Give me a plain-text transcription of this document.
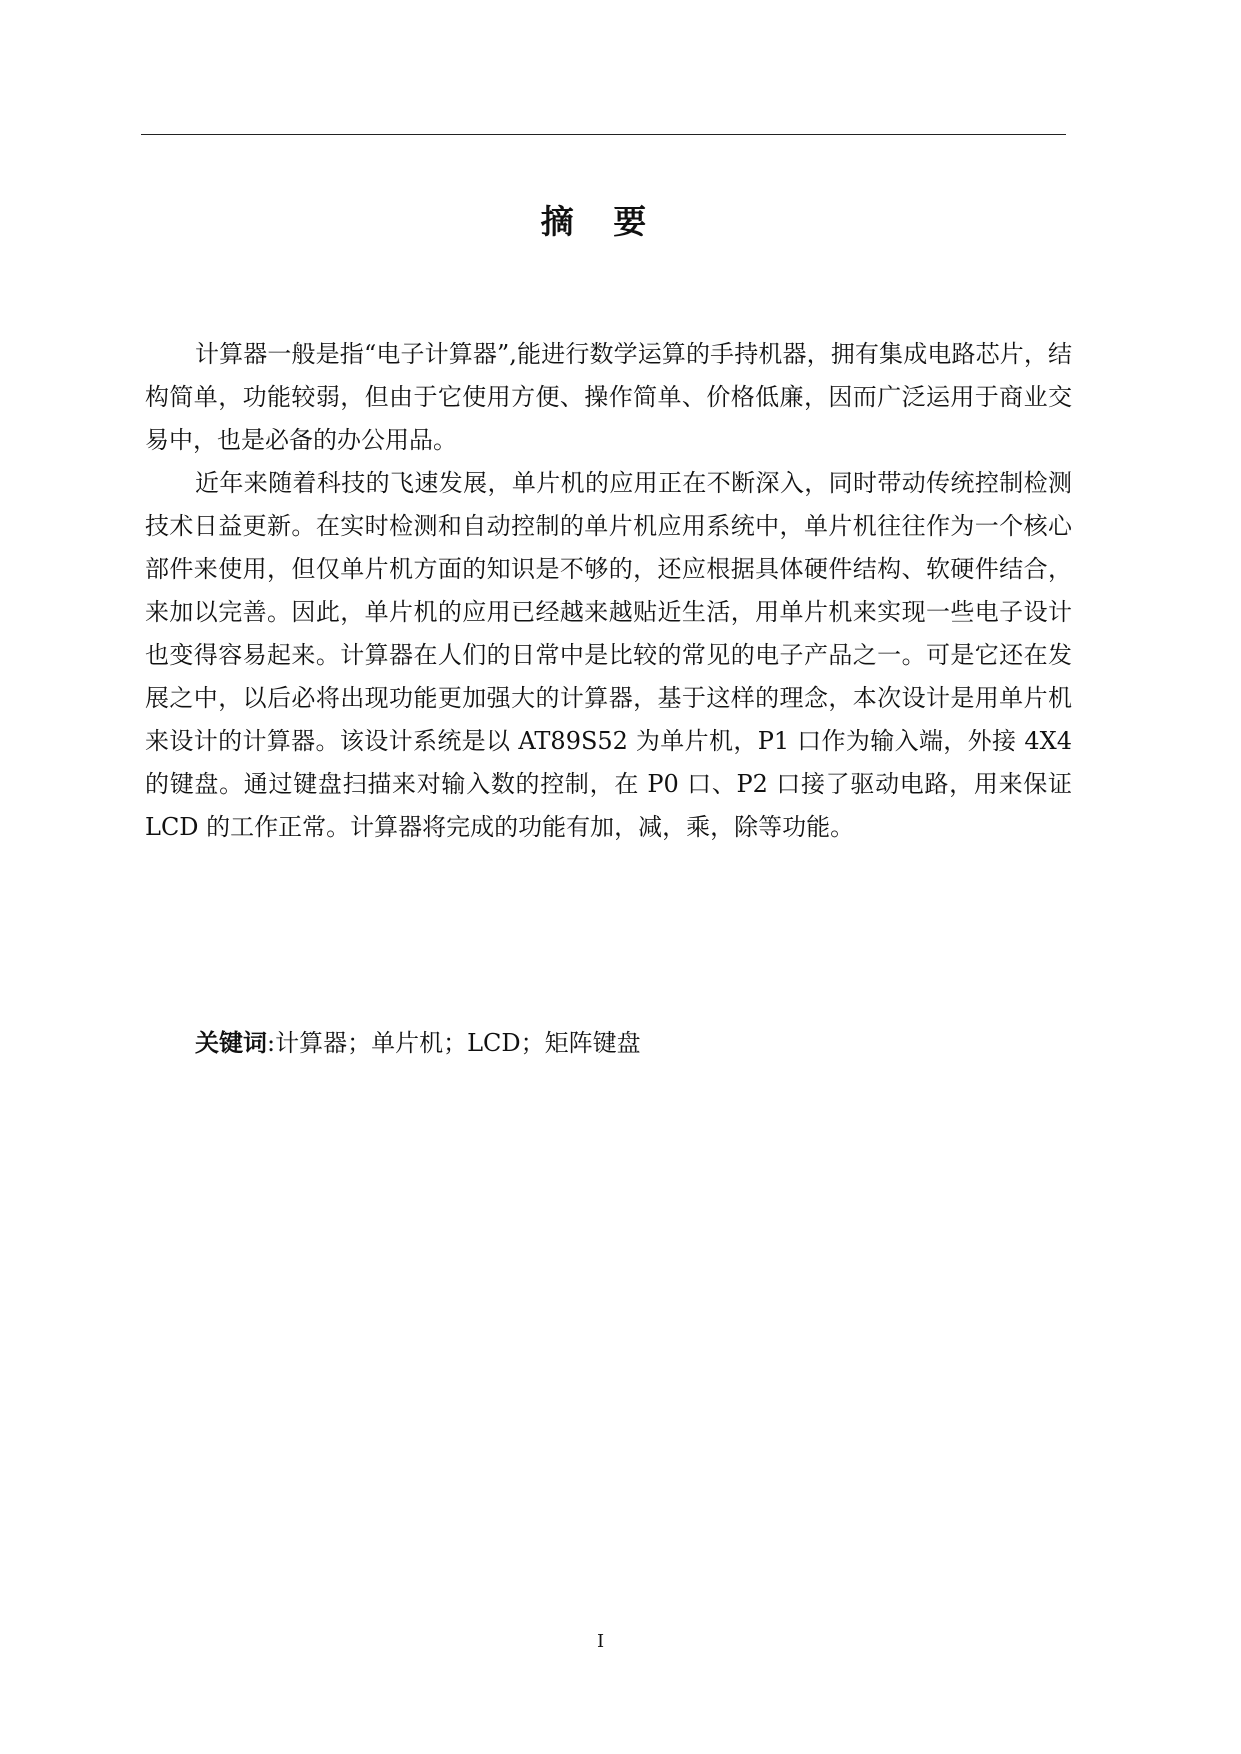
摘 要

计算器一般是指“电子计算器”,能进行数学运算的手持机器，拥有集成电路芯片，结构简单，功能较弱，但由于它使用方便、操作简单、价格低廉，因而广泛运用于商业交易中，也是必备的办公用品。

近年来随着科技的飞速发展，单片机的应用正在不断深入，同时带动传统控制检测技术日益更新。在实时检测和自动控制的单片机应用系统中，单片机往往作为一个核心部件来使用，但仅单片机方面的知识是不够的，还应根据具体硬件结构、软硬件结合，来加以完善。因此，单片机的应用已经越来越贴近生活，用单片机来实现一些电子设计也变得容易起来。计算器在人们的日常中是比较的常见的电子产品之一。可是它还在发展之中，以后必将出现功能更加强大的计算器，基于这样的理念，本次设计是用单片机来设计的计算器。该设计系统是以 AT89S52 为单片机，P1 口作为输入端，外接 4X4 的键盘。通过键盘扫描来对输入数的控制，在 P0 口、P2 口接了驱动电路，用来保证 LCD 的工作正常。计算器将完成的功能有加，减，乘，除等功能。

关键词:计算器；单片机；LCD；矩阵键盘
I
